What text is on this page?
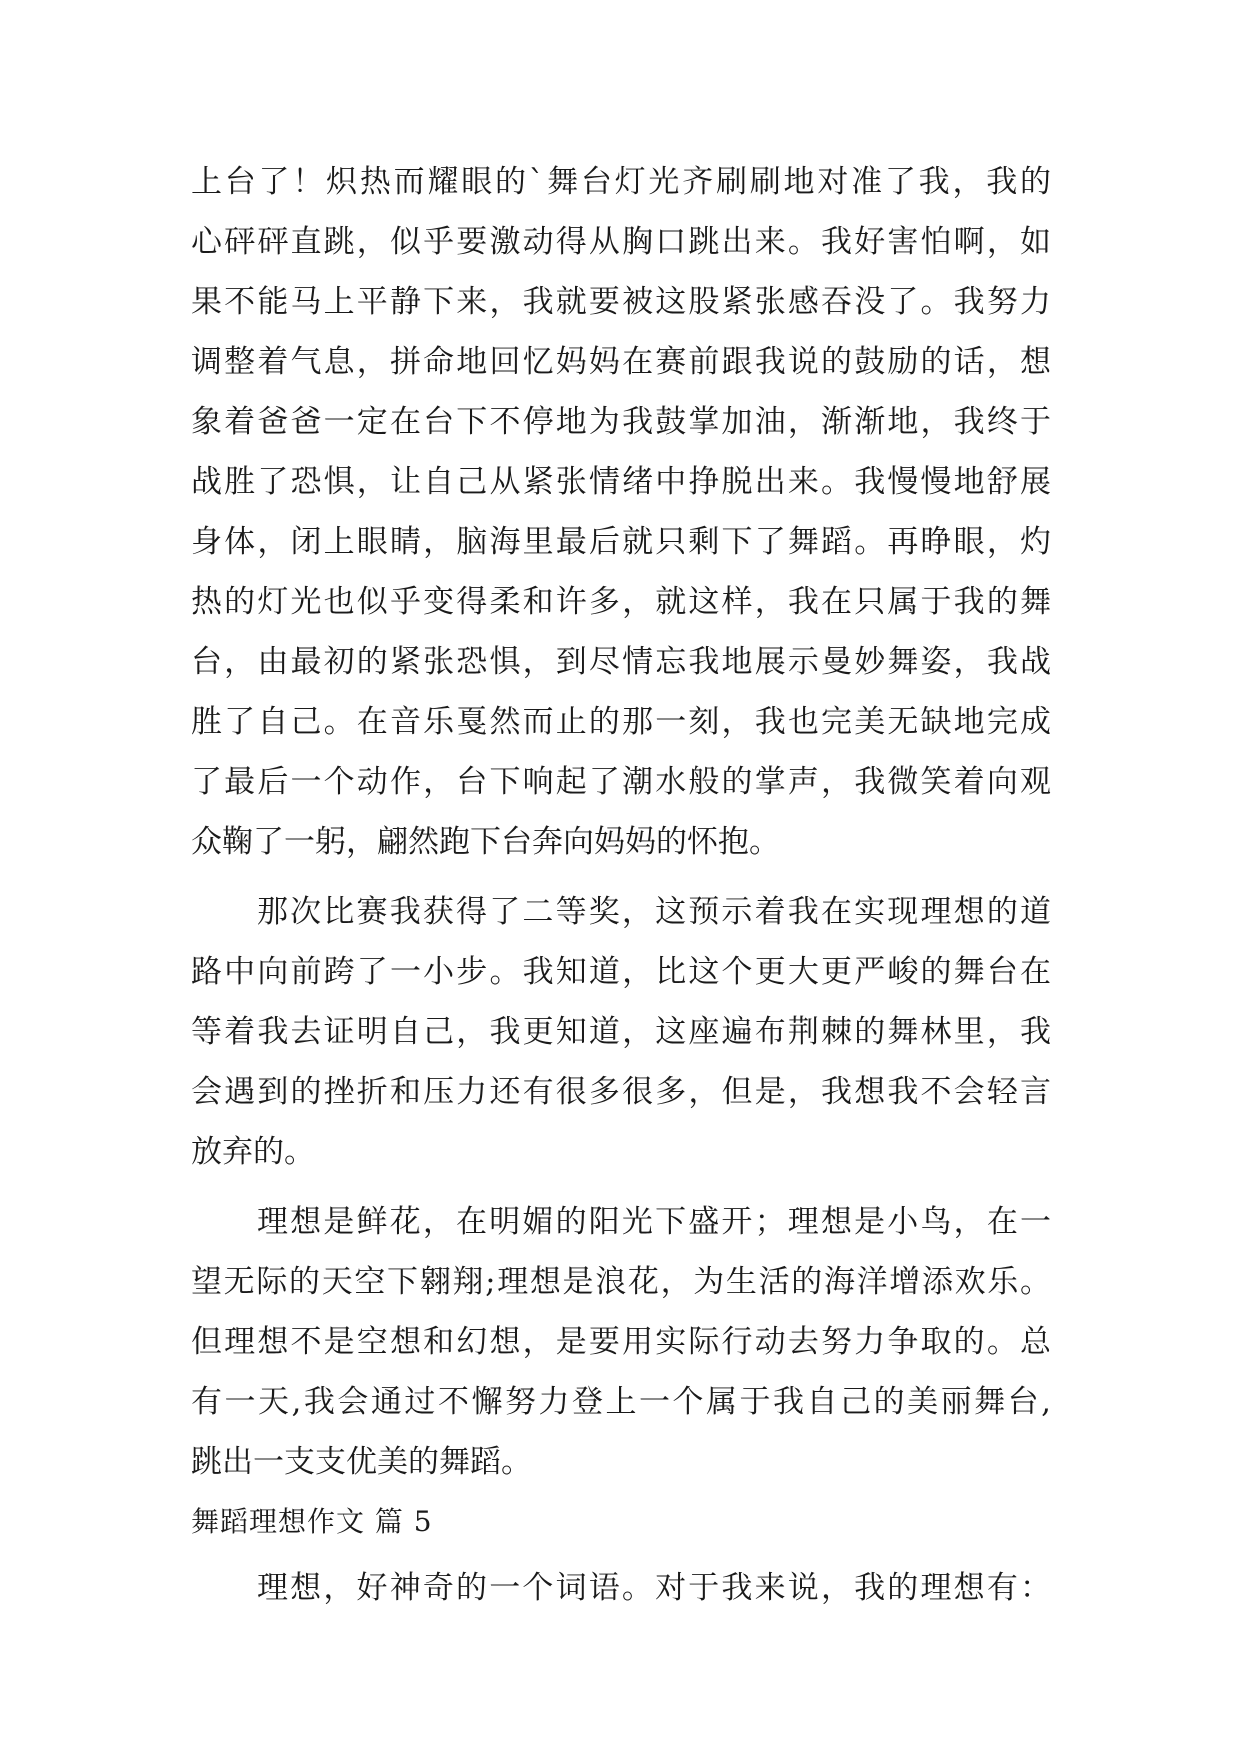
上台了！炽热而耀眼的`舞台灯光齐刷刷地对准了我，我的
心砰砰直跳，似乎要激动得从胸口跳出来。我好害怕啊，如
果不能马上平静下来，我就要被这股紧张感吞没了。我努力
调整着气息，拼命地回忆妈妈在赛前跟我说的鼓励的话，想
象着爸爸一定在台下不停地为我鼓掌加油，渐渐地，我终于
战胜了恐惧，让自己从紧张情绪中挣脱出来。我慢慢地舒展
身体，闭上眼睛，脑海里最后就只剩下了舞蹈。再睁眼，灼
热的灯光也似乎变得柔和许多，就这样，我在只属于我的舞
台，由最初的紧张恐惧，到尽情忘我地展示曼妙舞姿，我战
胜了自己。在音乐戛然而止的那一刻，我也完美无缺地完成
了最后一个动作，台下响起了潮水般的掌声，我微笑着向观
众鞠了一躬，翩然跑下台奔向妈妈的怀抱。
那次比赛我获得了二等奖，这预示着我在实现理想的道
路中向前跨了一小步。我知道，比这个更大更严峻的舞台在
等着我去证明自己，我更知道，这座遍布荆棘的舞林里，我
会遇到的挫折和压力还有很多很多，但是，我想我不会轻言
放弃的。
理想是鲜花，在明媚的阳光下盛开；理想是小鸟，在一
望无际的天空下翱翔;理想是浪花，为生活的海洋增添欢乐。
但理想不是空想和幻想，是要用实际行动去努力争取的。总
有一天,我会通过不懈努力登上一个属于我自己的美丽舞台,
跳出一支支优美的舞蹈。
舞蹈理想作文 篇 5
理想，好神奇的一个词语。对于我来说，我的理想有：
